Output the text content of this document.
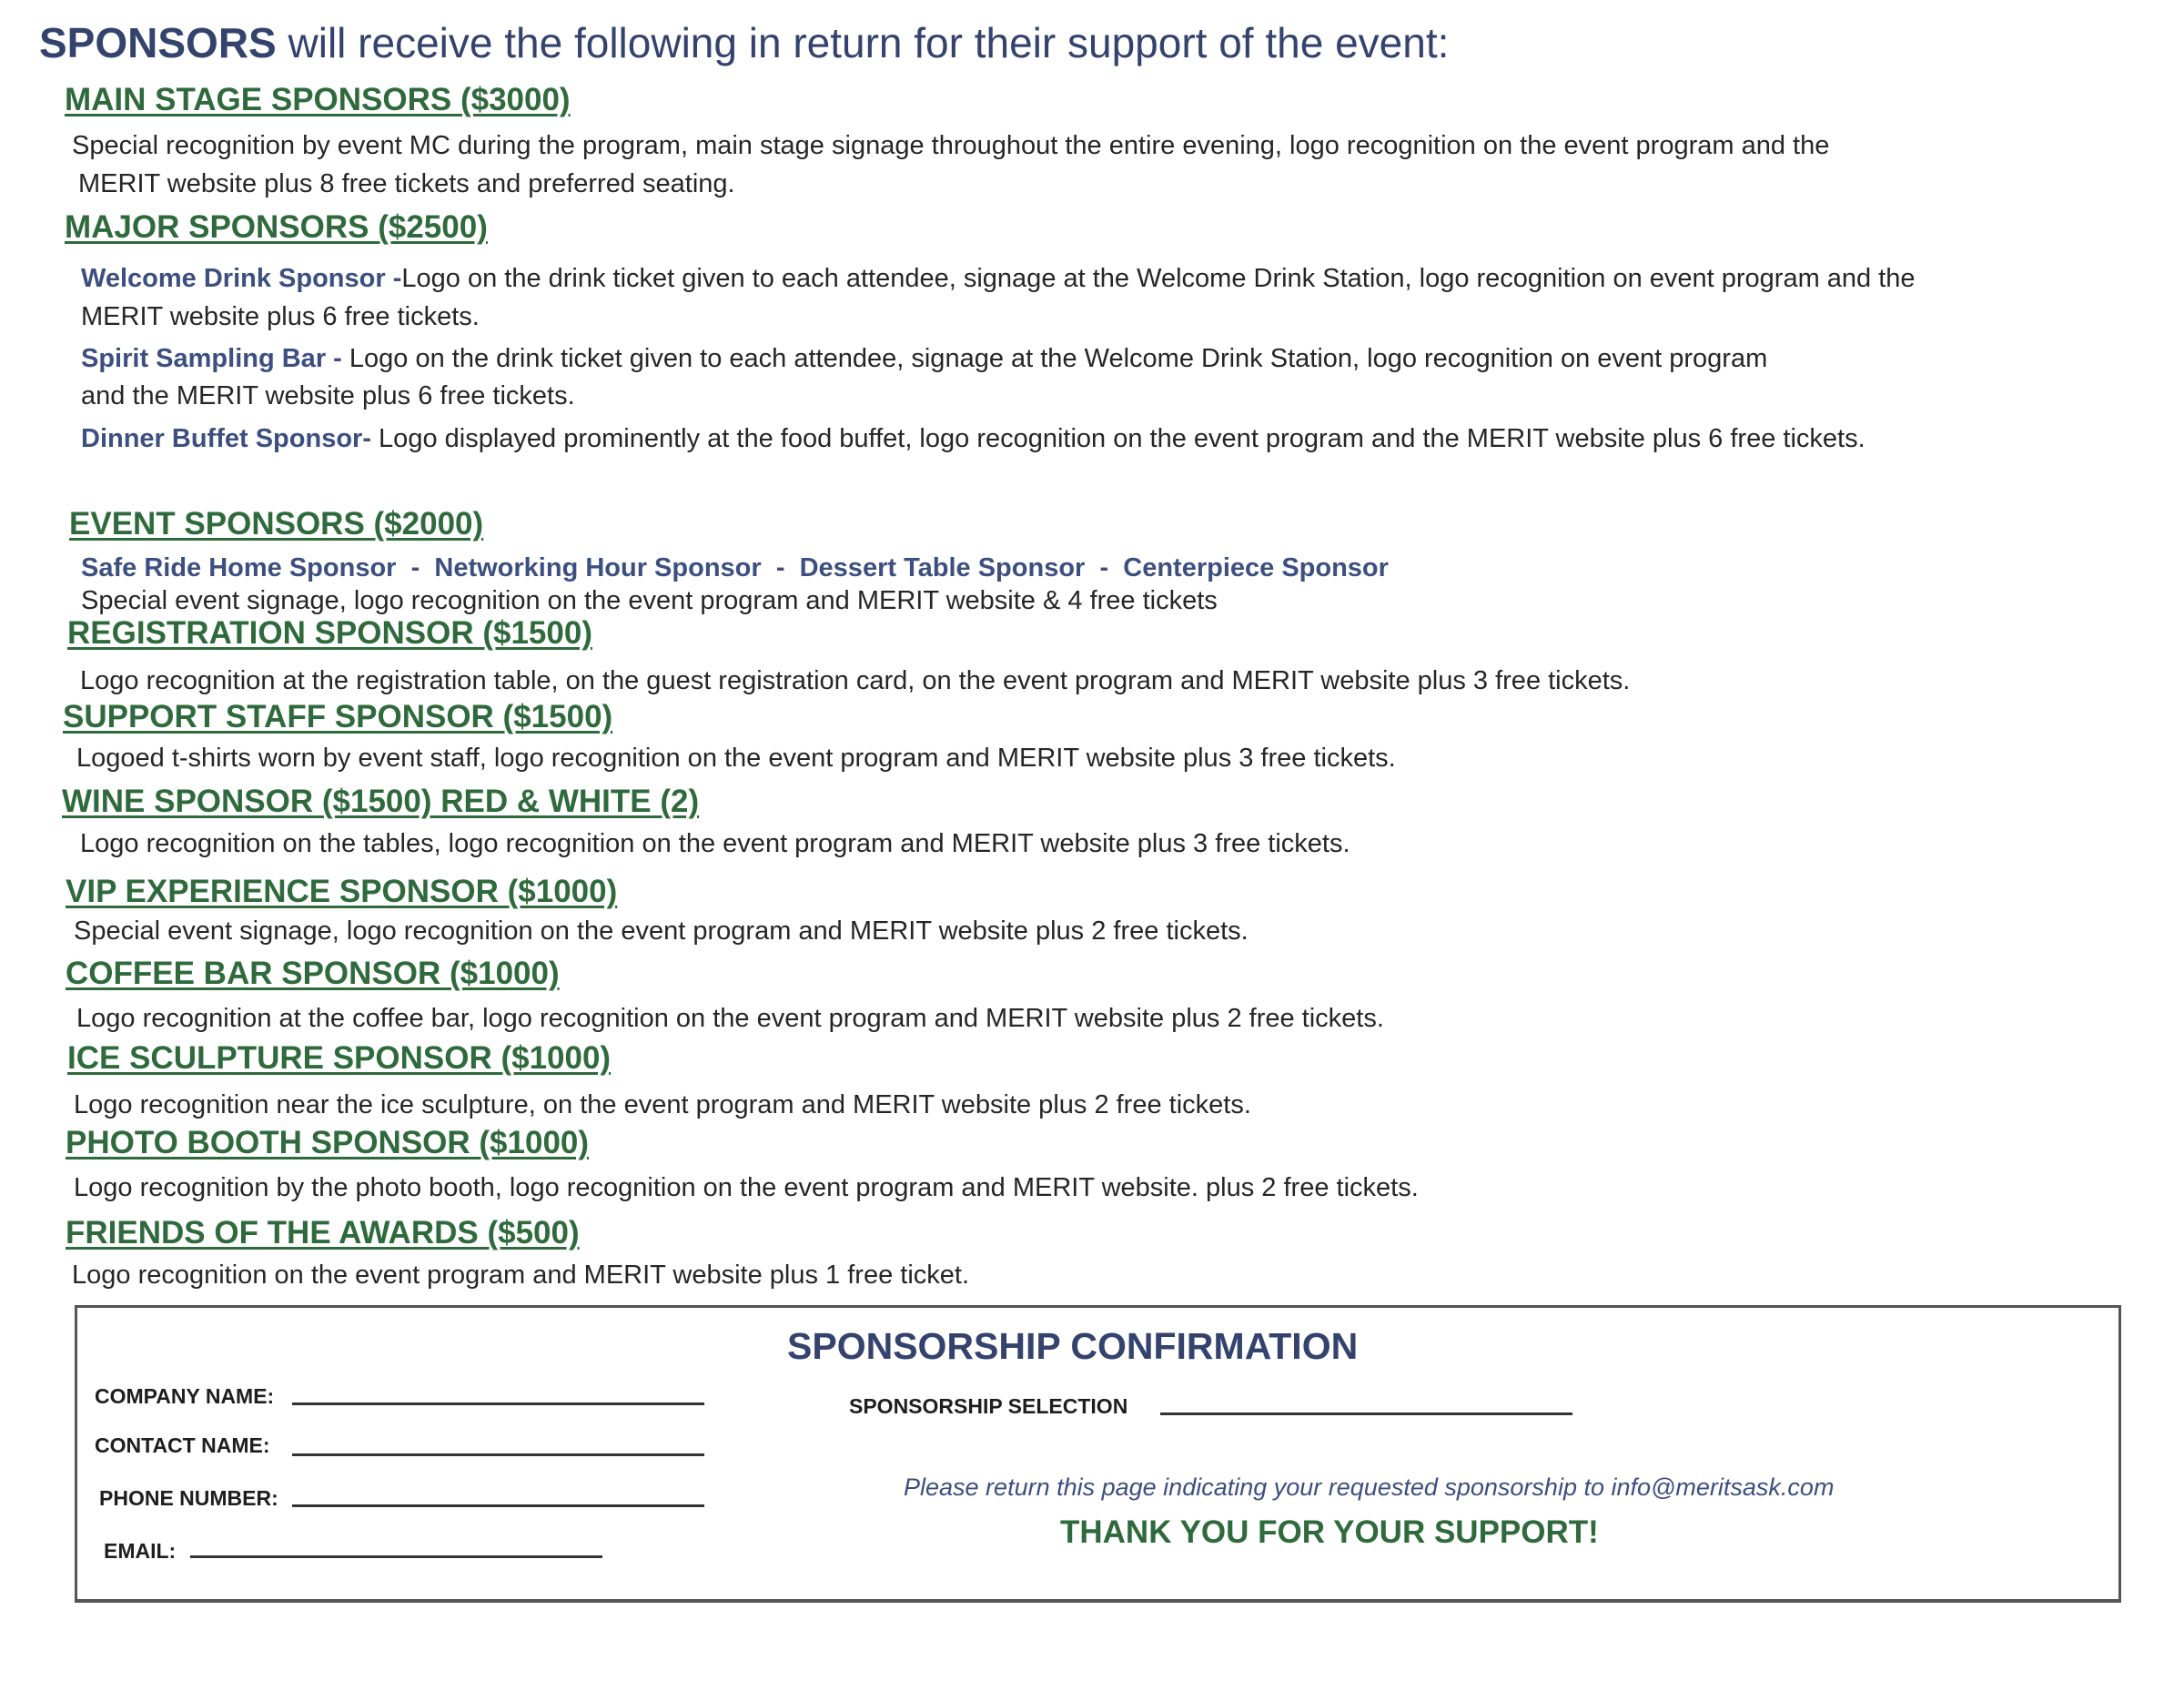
SPONSORS will receive the following in return for their support of the event:
MAIN STAGE SPONSORS ($3000)
Special recognition by event MC during the program, main stage signage throughout the entire evening, logo recognition on the event program and the
MERIT website plus 8 free tickets and preferred seating.
MAJOR SPONSORS ($2500)
Welcome Drink Sponsor -Logo on the drink ticket given to each attendee, signage at the Welcome Drink Station, logo recognition on event program and the
MERIT website plus 6 free tickets.
Spirit Sampling Bar - Logo on the drink ticket given to each attendee, signage at the Welcome Drink Station, logo recognition on event program
and the MERIT website plus 6 free tickets.
Dinner Buffet Sponsor- Logo displayed prominently at the food buffet, logo recognition on the event program and the MERIT website plus 6 free tickets.
EVENT SPONSORS ($2000)
Safe Ride Home Sponsor - Networking Hour Sponsor - Dessert Table Sponsor - Centerpiece Sponsor
Special event signage, logo recognition on the event program and MERIT website & 4 free tickets
REGISTRATION SPONSOR ($1500)
Logo recognition at the registration table, on the guest registration card, on the event program and MERIT website plus 3 free tickets.
SUPPORT STAFF SPONSOR ($1500)
Logoed t-shirts worn by event staff, logo recognition on the event program and MERIT website plus 3 free tickets.
WINE SPONSOR ($1500) RED & WHITE (2)
Logo recognition on the tables, logo recognition on the event program and MERIT website plus 3 free tickets.
VIP EXPERIENCE SPONSOR ($1000)
Special event signage, logo recognition on the event program and MERIT website plus 2 free tickets.
COFFEE BAR SPONSOR ($1000)
Logo recognition at the coffee bar, logo recognition on the event program and MERIT website plus 2 free tickets.
ICE SCULPTURE SPONSOR ($1000)
Logo recognition near the ice sculpture, on the event program and MERIT website plus 2 free tickets.
PHOTO BOOTH SPONSOR ($1000)
Logo recognition by the photo booth, logo recognition on the event program and MERIT website. plus 2 free tickets.
FRIENDS OF THE AWARDS ($500)
Logo recognition on the event program and MERIT website plus 1 free ticket.
SPONSORSHIP CONFIRMATION
COMPANY NAME:
CONTACT NAME:
PHONE NUMBER:
EMAIL:
SPONSORSHIP SELECTION
Please return this page indicating your requested sponsorship to info@meritsask.com
THANK YOU FOR YOUR SUPPORT!
